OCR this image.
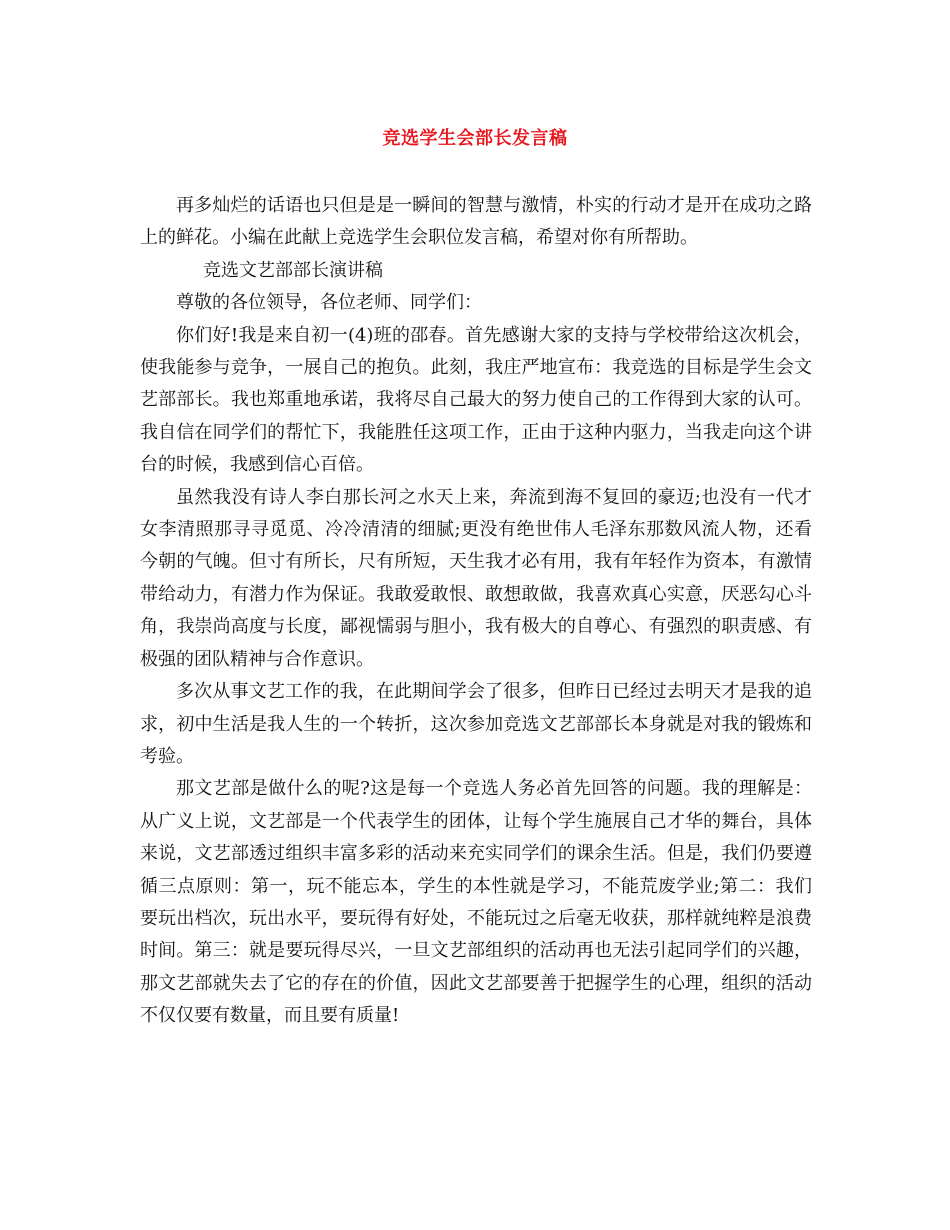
竞选学生会部长发言稿

再多灿烂的话语也只但是是一瞬间的智慧与激情，朴实的行动才是开在成功之路上的鲜花。小编在此献上竞选学生会职位发言稿，希望对你有所帮助。

竞选文艺部部长演讲稿

尊敬的各位领导，各位老师、同学们：

你们好!我是来自初一(4)班的邵春。首先感谢大家的支持与学校带给这次机会，使我能参与竞争，一展自己的抱负。此刻，我庄严地宣布：我竞选的目标是学生会文艺部部长。我也郑重地承诺，我将尽自己最大的努力使自己的工作得到大家的认可。我自信在同学们的帮忙下，我能胜任这项工作，正由于这种内驱力，当我走向这个讲台的时候，我感到信心百倍。

虽然我没有诗人李白那长河之水天上来，奔流到海不复回的豪迈;也没有一代才女李清照那寻寻觅觅、冷冷清清的细腻;更没有绝世伟人毛泽东那数风流人物，还看今朝的气魄。但寸有所长，尺有所短，天生我才必有用，我有年轻作为资本，有激情带给动力，有潜力作为保证。我敢爱敢恨、敢想敢做，我喜欢真心实意，厌恶勾心斗角，我崇尚高度与长度，鄙视懦弱与胆小，我有极大的自尊心、有强烈的职责感、有极强的团队精神与合作意识。

多次从事文艺工作的我，在此期间学会了很多，但昨日已经过去明天才是我的追求，初中生活是我人生的一个转折，这次参加竞选文艺部部长本身就是对我的锻炼和考验。

那文艺部是做什么的呢?这是每一个竞选人务必首先回答的问题。我的理解是：从广义上说，文艺部是一个代表学生的团体，让每个学生施展自己才华的舞台，具体来说，文艺部透过组织丰富多彩的活动来充实同学们的课余生活。但是，我们仍要遵循三点原则：第一，玩不能忘本，学生的本性就是学习，不能荒废学业;第二：我们要玩出档次，玩出水平，要玩得有好处，不能玩过之后毫无收获，那样就纯粹是浪费时间。第三：就是要玩得尽兴，一旦文艺部组织的活动再也无法引起同学们的兴趣，那文艺部就失去了它的存在的价值，因此文艺部要善于把握学生的心理，组织的活动不仅仅要有数量，而且要有质量!
